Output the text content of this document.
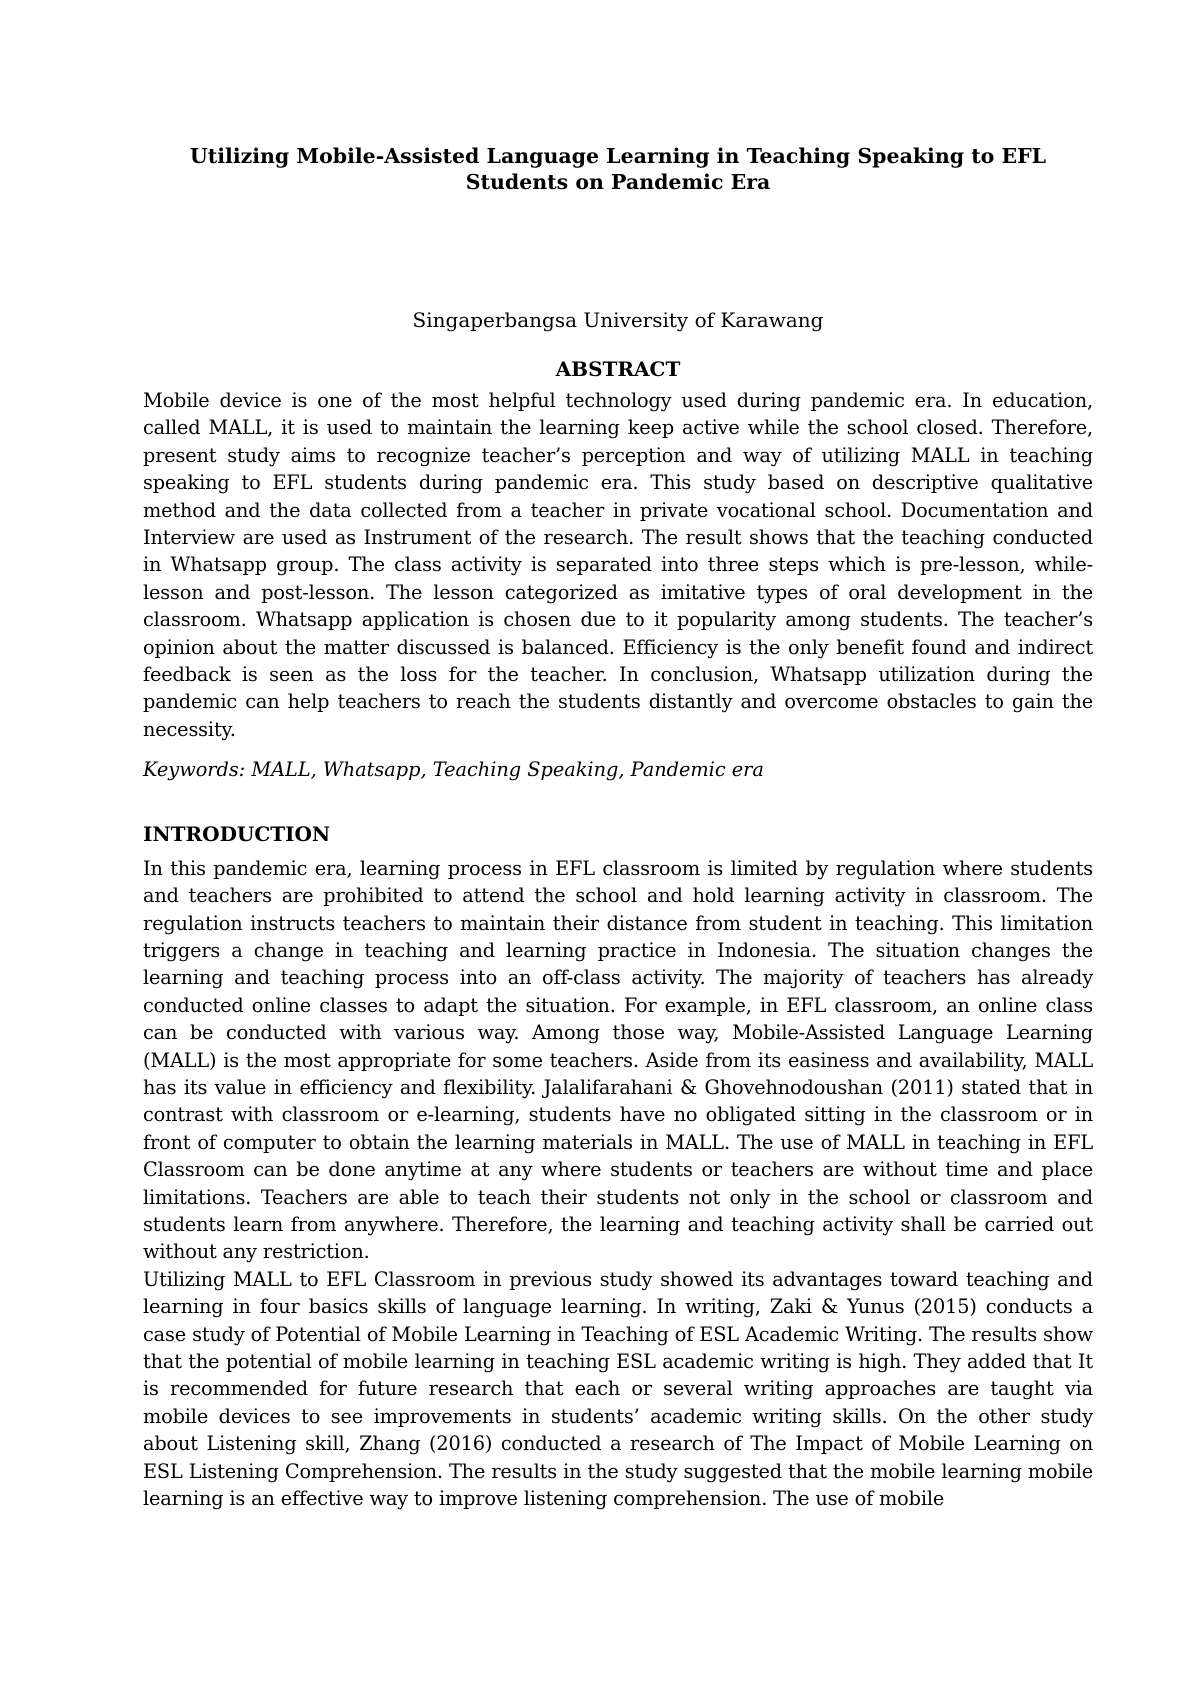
Utilizing Mobile-Assisted Language Learning in Teaching Speaking to EFL Students on Pandemic Era
Singaperbangsa University of Karawang
ABSTRACT

Mobile device is one of the most helpful technology used during pandemic era. In education, called MALL, it is used to maintain the learning keep active while the school closed. Therefore, present study aims to recognize teacher’s perception and way of utilizing MALL in teaching speaking to EFL students during pandemic era. This study based on descriptive qualitative method and the data collected from a teacher in private vocational school. Documentation and Interview are used as Instrument of the research. The result shows that the teaching conducted in Whatsapp group. The class activity is separated into three steps which is pre-lesson, while-lesson and post-lesson. The lesson categorized as imitative types of oral development in the classroom. Whatsapp application is chosen due to it popularity among students. The teacher’s opinion about the matter discussed is balanced. Efficiency is the only benefit found and indirect feedback is seen as the loss for the teacher. In conclusion, Whatsapp utilization during the pandemic can help teachers to reach the students distantly and overcome obstacles to gain the necessity.

Keywords: MALL, Whatsapp, Teaching Speaking, Pandemic era

INTRODUCTION

In this pandemic era, learning process in EFL classroom is limited by regulation where students and teachers are prohibited to attend the school and hold learning activity in classroom. The regulation instructs teachers to maintain their distance from student in teaching. This limitation triggers a change in teaching and learning practice in Indonesia. The situation changes the learning and teaching process into an off-class activity. The majority of teachers has already conducted online classes to adapt the situation. For example, in EFL classroom, an online class can be conducted with various way. Among those way, Mobile-Assisted Language Learning (MALL) is the most appropriate for some teachers. Aside from its easiness and availability, MALL has its value in efficiency and flexibility. Jalalifarahani & Ghovehnodoushan (2011) stated that in contrast with classroom or e-learning, students have no obligated sitting in the classroom or in front of computer to obtain the learning materials in MALL. The use of MALL in teaching in EFL Classroom can be done anytime at any where students or teachers are without time and place limitations. Teachers are able to teach their students not only in the school or classroom and students learn from anywhere. Therefore, the learning and teaching activity shall be carried out without any restriction.

Utilizing MALL to EFL Classroom in previous study showed its advantages toward teaching and learning in four basics skills of language learning. In writing, Zaki & Yunus (2015) conducts a case study of Potential of Mobile Learning in Teaching of ESL Academic Writing. The results show that the potential of mobile learning in teaching ESL academic writing is high. They added that It is recommended for future research that each or several writing approaches are taught via mobile devices to see improvements in students’ academic writing skills. On the other study about Listening skill, Zhang (2016) conducted a research of The Impact of Mobile Learning on ESL Listening Comprehension. The results in the study suggested that the mobile learning mobile learning is an effective way to improve listening comprehension. The use of mobile
